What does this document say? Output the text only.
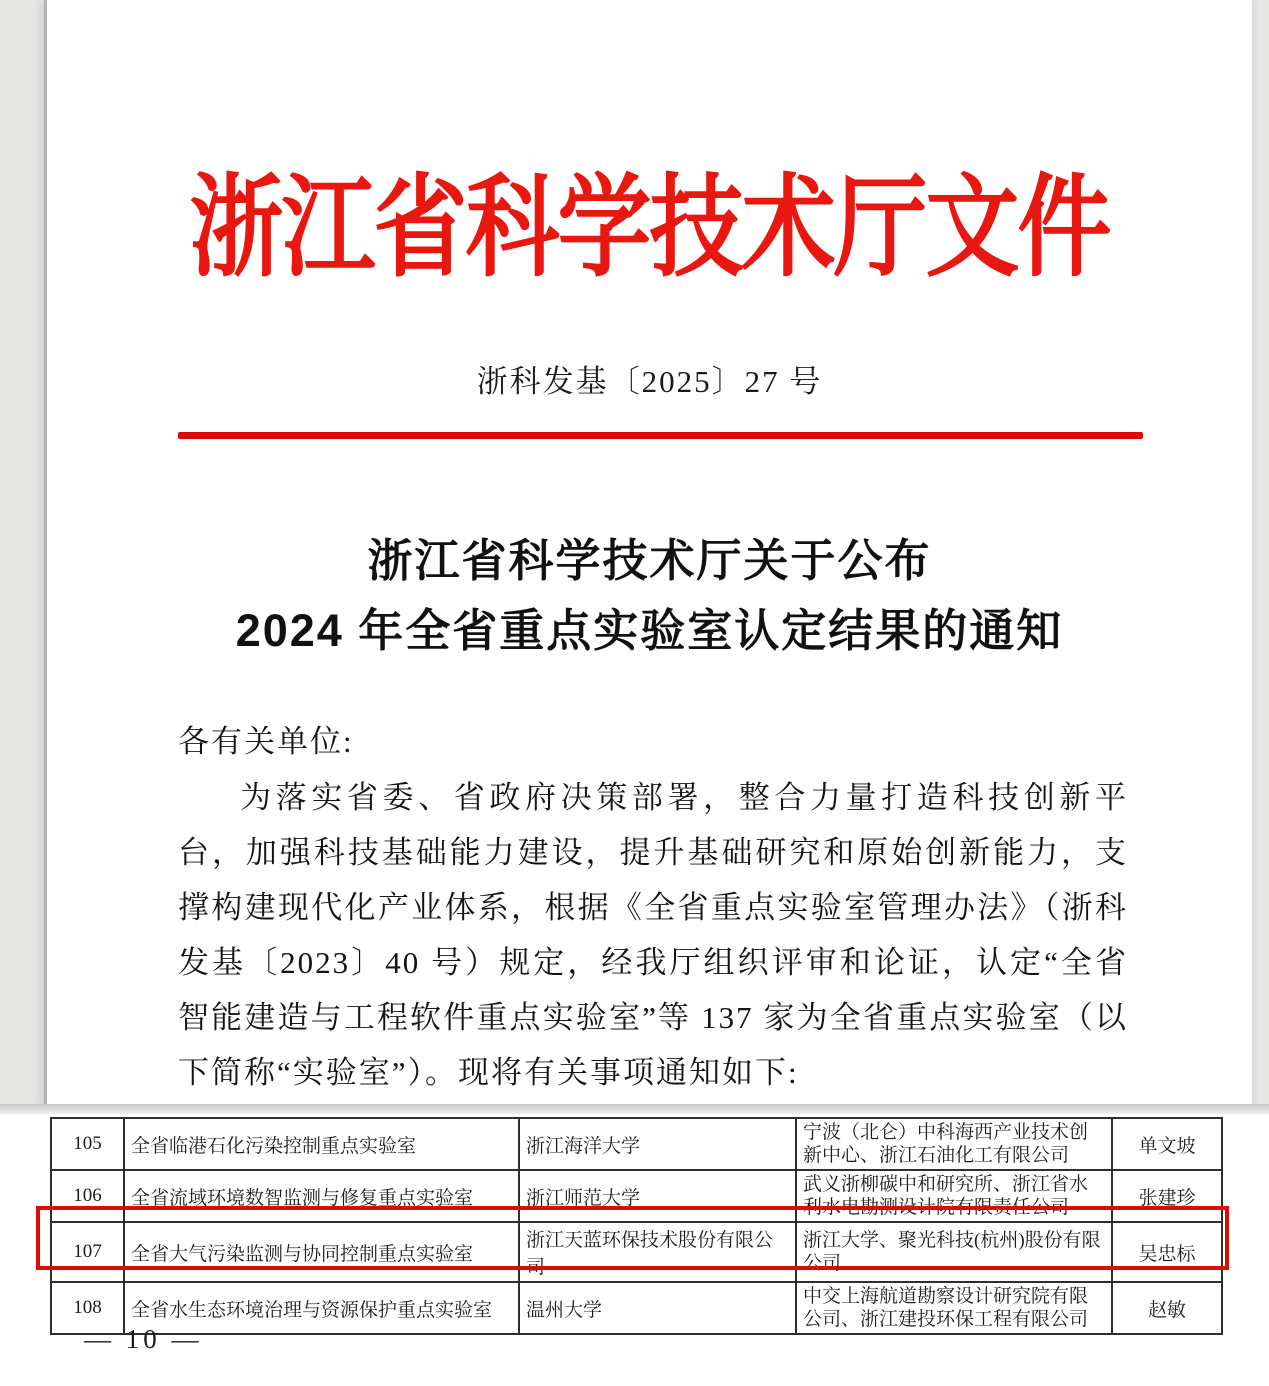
浙江省科学技术厅文件
浙科发基〔2025〕27 号
浙江省科学技术厅关于公布
2024 年全省重点实验室认定结果的通知
各有关单位:
为落实省委、省政府决策部署，整合力量打造科技创新平台，加强科技基础能力建设，提升基础研究和原始创新能力，支撑构建现代化产业体系，根据《全省重点实验室管理办法》（浙科发基〔2023〕40 号）规定，经我厅组织评审和论证，认定“全省智能建造与工程软件重点实验室”等 137 家为全省重点实验室（以下简称“实验室”）。现将有关事项通知如下:
105	全省临港石化污染控制重点实验室	浙江海洋大学	宁波（北仑）中科海西产业技术创新中心、浙江石油化工有限公司	单文坡
106	全省流域环境数智监测与修复重点实验室	浙江师范大学	武义浙柳碳中和研究所、浙江省水利水电勘测设计院有限责任公司	张建珍
107	全省大气污染监测与协同控制重点实验室	浙江天蓝环保技术股份有限公司	浙江大学、聚光科技(杭州)股份有限公司	吴忠标
108	全省水生态环境治理与资源保护重点实验室	温州大学	中交上海航道勘察设计研究院有限公司、浙江建投环保工程有限公司	赵敏
— 10 —
